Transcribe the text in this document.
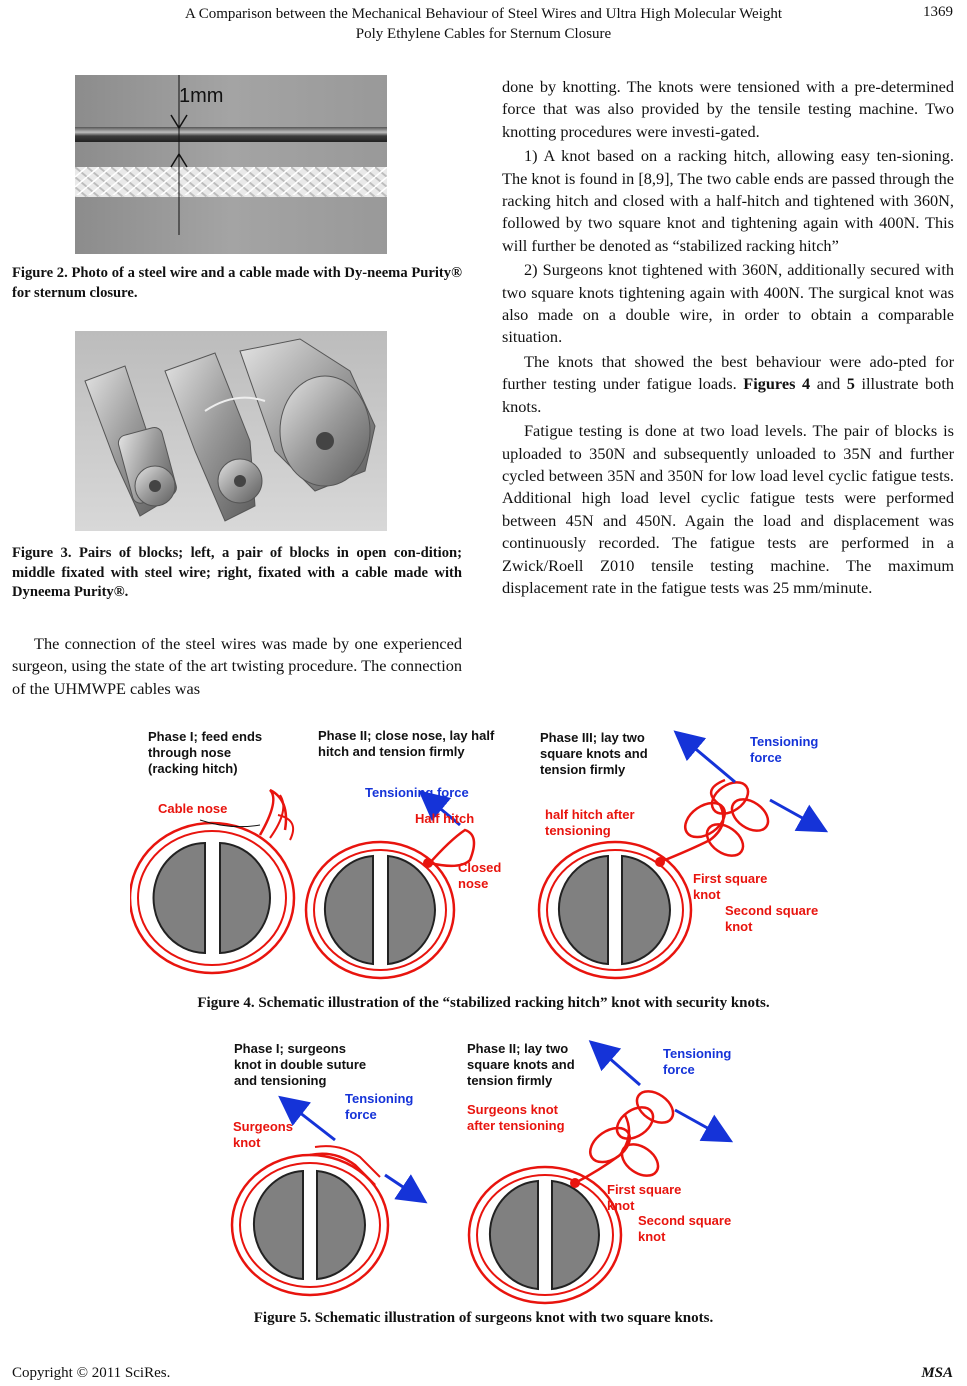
A Comparison between the Mechanical Behaviour of Steel Wires and Ultra High Molecular Weight
Poly Ethylene Cables for Sternum Closure
1369
1mm
Figure 2. Photo of a steel wire and a cable made with Dy-neema Purity® for sternum closure.
Figure 3. Pairs of blocks; left, a pair of blocks in open con-dition; middle fixated with steel wire; right, fixated with a cable made with Dyneema Purity®.

The connection of the steel wires was made by one experienced surgeon, using the state of the art twisting procedure. The connection of the UHMWPE cables was

done by knotting. The knots were tensioned with a pre-determined force that was also provided by the tensile testing machine. Two knotting procedures were investi-gated.

1) A knot based on a racking hitch, allowing easy ten-sioning. The knot is found in [8,9], The two cable ends are passed through the racking hitch and closed with a half-hitch and tightened with 360N, followed by two square knot and tightening again with 400N. This will further be denoted as “stabilized racking hitch”

2) Surgeons knot tightened with 360N, additionally secured with two square knots tightening again with 400N. The surgical knot was also made on a double wire, in order to obtain a comparable situation.

The knots that showed the best behaviour were ado-pted for further testing under fatigue loads. Figures 4 and 5 illustrate both knots.

Fatigue testing is done at two load levels. The pair of blocks is uploaded to 350N and subsequently unloaded to 35N and further cycled between 35N and 350N for low load level cyclic fatigue tests. Additional high load level cyclic fatigue tests were performed between 45N and 450N. Again the load and displacement was continuously recorded. The fatigue tests are performed in a Zwick/Roell Z010 tensile testing machine. The maximum displacement rate in the fatigue tests was 25 mm/minute.

Phase I; feed ends
through nose
(racking hitch)
Cable nose
Phase II; close nose, lay half
hitch and tension firmly
Tensioning force
Half hitch
Closed
nose
Phase III; lay two
square knots and
tension firmly
Tensioning
force
half hitch after
tensioning
First square
knot
Second square
knot
Figure 4. Schematic illustration of the “stabilized racking hitch” knot with security knots.
Phase I; surgeons
knot in double suture
and tensioning
Tensioning
force
Surgeons
knot
Phase II; lay two
square knots and
tension firmly
Tensioning
force
Surgeons knot
after tensioning
First square
knot
Second square
knot
Figure 5. Schematic illustration of surgeons knot with two square knots.
Copyright © 2011 SciRes.	MSA
